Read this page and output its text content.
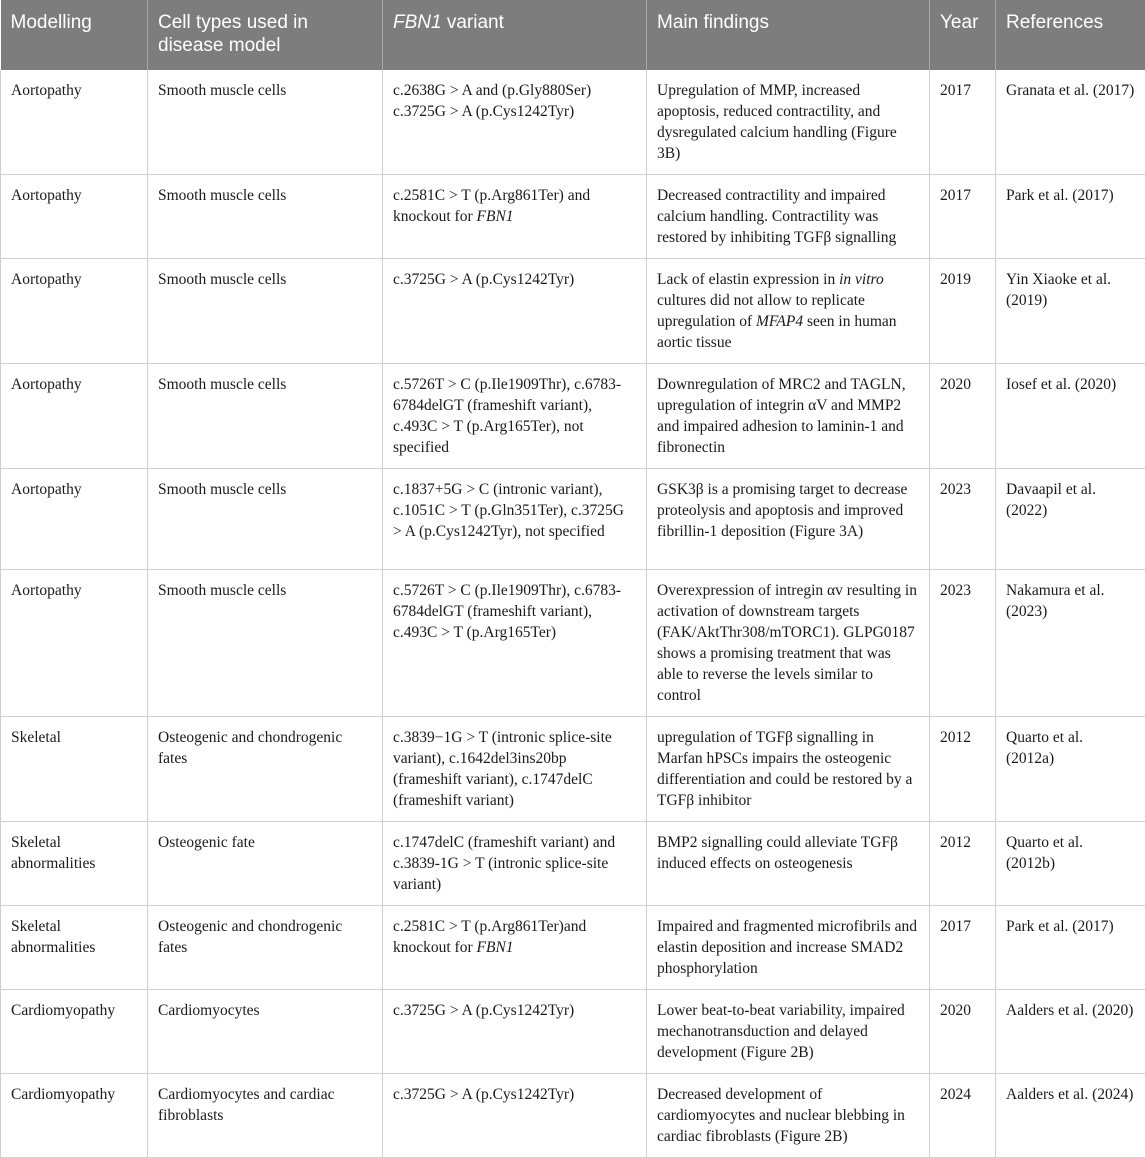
Modelling	Cell types used in disease model	FBN1 variant	Main findings	Year	References
Aortopathy	Smooth muscle cells	c.2638G > A and (p.Gly880Ser) c.3725G > A (p.Cys1242Tyr)	Upregulation of MMP, increased apoptosis, reduced contractility, and dysregulated calcium handling (Figure 3B)	2017	Granata et al. (2017)
Aortopathy	Smooth muscle cells	c.2581C > T (p.Arg861Ter) and knockout for FBN1	Decreased contractility and impaired calcium handling. Contractility was restored by inhibiting TGFβ signalling	2017	Park et al. (2017)
Aortopathy	Smooth muscle cells	c.3725G > A (p.Cys1242Tyr)	Lack of elastin expression in in vitro cultures did not allow to replicate upregulation of MFAP4 seen in human aortic tissue	2019	Yin Xiaoke et al. (2019)
Aortopathy	Smooth muscle cells	c.5726T > C (p.Ile1909Thr), c.6783-6784delGT (frameshift variant), c.493C > T (p.Arg165Ter), not specified	Downregulation of MRC2 and TAGLN, upregulation of integrin αV and MMP2 and impaired adhesion to laminin-1 and fibronectin	2020	Iosef et al. (2020)
Aortopathy	Smooth muscle cells	c.1837+5G > C (intronic variant), c.1051C > T (p.Gln351Ter), c.3725G > A (p.Cys1242Tyr), not specified	GSK3β is a promising target to decrease proteolysis and apoptosis and improved fibrillin-1 deposition (Figure 3A)	2023	Davaapil et al. (2022)
Aortopathy	Smooth muscle cells	c.5726T > C (p.Ile1909Thr), c.6783-6784delGT (frameshift variant), c.493C > T (p.Arg165Ter)	Overexpression of intregin αv resulting in activation of downstream targets (FAK/AktThr308/mTORC1). GLPG0187 shows a promising treatment that was able to reverse the levels similar to control	2023	Nakamura et al. (2023)
Skeletal	Osteogenic and chondrogenic fates	c.3839−1G > T (intronic splice-site variant), c.1642del3ins20bp (frameshift variant), c.1747delC (frameshift variant)	upregulation of TGFβ signalling in Marfan hPSCs impairs the osteogenic differentiation and could be restored by a TGFβ inhibitor	2012	Quarto et al. (2012a)
Skeletal abnormalities	Osteogenic fate	c.1747delC (frameshift variant) and c.3839-1G > T (intronic splice-site variant)	BMP2 signalling could alleviate TGFβ induced effects on osteogenesis	2012	Quarto et al. (2012b)
Skeletal abnormalities	Osteogenic and chondrogenic fates	c.2581C > T (p.Arg861Ter)and knockout for FBN1	Impaired and fragmented microfibrils and elastin deposition and increase SMAD2 phosphorylation	2017	Park et al. (2017)
Cardiomyopathy	Cardiomyocytes	c.3725G > A (p.Cys1242Tyr)	Lower beat-to-beat variability, impaired mechanotransduction and delayed development (Figure 2B)	2020	Aalders et al. (2020)
Cardiomyopathy	Cardiomyocytes and cardiac fibroblasts	c.3725G > A (p.Cys1242Tyr)	Decreased development of cardiomyocytes and nuclear blebbing in cardiac fibroblasts (Figure 2B)	2024	Aalders et al. (2024)
